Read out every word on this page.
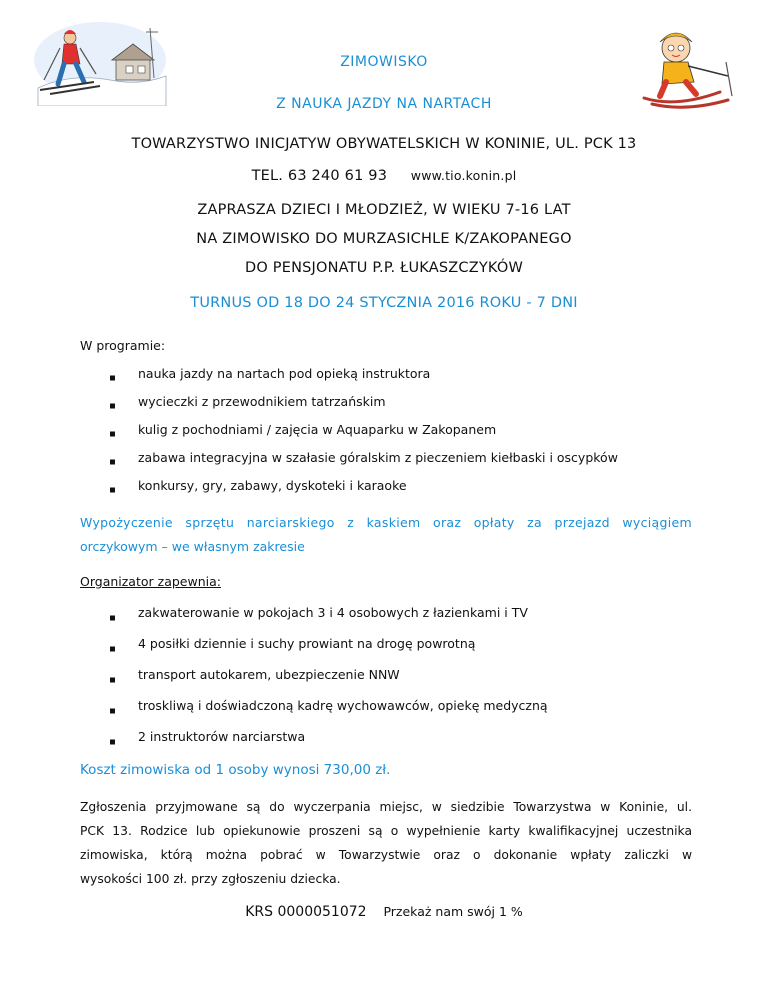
ZIMOWISKO
Z NAUKA JAZDY NA NARTACH
TOWARZYSTWO INICJATYW OBYWATELSKICH W KONINIE, UL. PCK 13
TEL. 63 240 61 93 www.tio.konin.pl
ZAPRASZA DZIECI I MŁODZIEŻ, W WIEKU 7-16 LAT
NA ZIMOWISKO DO MURZASICHLE K/ZAKOPANEGO
DO PENSJONATU P.P. ŁUKASZCZYKÓW
TURNUS OD 18 DO 24 STYCZNIA 2016 ROKU - 7 DNI
W programie:
nauka jazdy na nartach pod opieką instruktora
wycieczki z przewodnikiem tatrzańskim
kulig z pochodniami / zajęcia w Aquaparku w Zakopanem
zabawa integracyjna w szałasie góralskim z pieczeniem kiełbaski i oscypków
konkursy, gry, zabawy, dyskoteki i karaoke
Wypożyczenie sprzętu narciarskiego z kaskiem oraz opłaty za przejazd wyciągiem
orczykowym – we własnym zakresie
Organizator zapewnia:
zakwaterowanie w pokojach 3 i 4 osobowych z łazienkami i TV
4 posiłki dziennie i suchy prowiant na drogę powrotną
transport autokarem, ubezpieczenie NNW
troskliwą i doświadczoną kadrę wychowawców, opiekę medyczną
2 instruktorów narciarstwa
Koszt zimowiska od 1 osoby wynosi 730,00 zł.
Zgłoszenia przyjmowane są do wyczerpania miejsc, w siedzibie Towarzystwa w Koninie, ul.
PCK 13. Rodzice lub opiekunowie proszeni są o wypełnienie karty kwalifikacyjnej uczestnika
zimowiska, którą można pobrać w Towarzystwie oraz o dokonanie wpłaty zaliczki w
wysokości 100 zł. przy zgłoszeniu dziecka.
KRS 0000051072 Przekaż nam swój 1 %
